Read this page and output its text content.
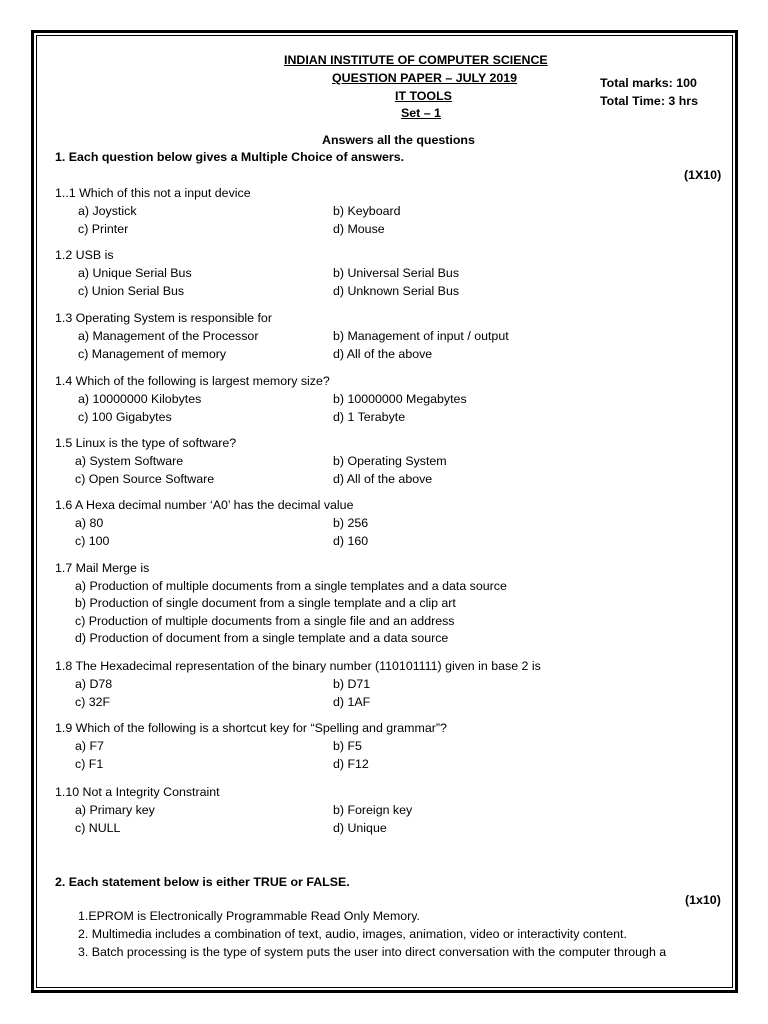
INDIAN INSTITUTE OF COMPUTER SCIENCE
QUESTION PAPER – JULY 2019
IT TOOLS
Set – 1
Total marks: 100
Total Time: 3 hrs
Answers all the questions
1. Each question below gives a Multiple Choice of answers.
(1X10)
1..1 Which of this not a input device
a) Joystick	b) Keyboard
c) Printer	d) Mouse
1.2 USB is
a) Unique Serial Bus	b) Universal Serial Bus
c) Union Serial Bus	d) Unknown Serial Bus
1.3 Operating System is responsible for
a) Management of the Processor	b) Management of input / output
c) Management of memory	d) All of the above
1.4 Which of the following is largest memory size?
a) 10000000 Kilobytes	b) 10000000 Megabytes
c) 100 Gigabytes	d) 1 Terabyte
1.5 Linux is the type of software?
a) System Software	b) Operating System
c) Open Source Software	d) All of the above
1.6 A Hexa decimal number ‘A0’ has the decimal value
a) 80	b) 256
c) 100	d) 160
1.7 Mail Merge is
a) Production of multiple documents from a single templates and a data source
b) Production of single document from a single template and a clip art
c) Production of multiple documents from a single file and an address
d) Production of document from a single template and a data source
1.8 The Hexadecimal representation of the binary number (110101111) given in base 2 is
a) D78	b) D71
c) 32F	d) 1AF
1.9 Which of the following is a shortcut key for “Spelling and grammar”?
a) F7	b) F5
c) F1	d) F12
1.10 Not a Integrity Constraint
a) Primary key	b) Foreign key
c) NULL	d) Unique
2. Each statement below is either TRUE or FALSE.
(1x10)
1.EPROM is Electronically Programmable Read Only Memory.
2. Multimedia includes a combination of text, audio, images, animation, video or interactivity content.
3. Batch processing is the type of system puts the user into direct conversation with the computer through a
